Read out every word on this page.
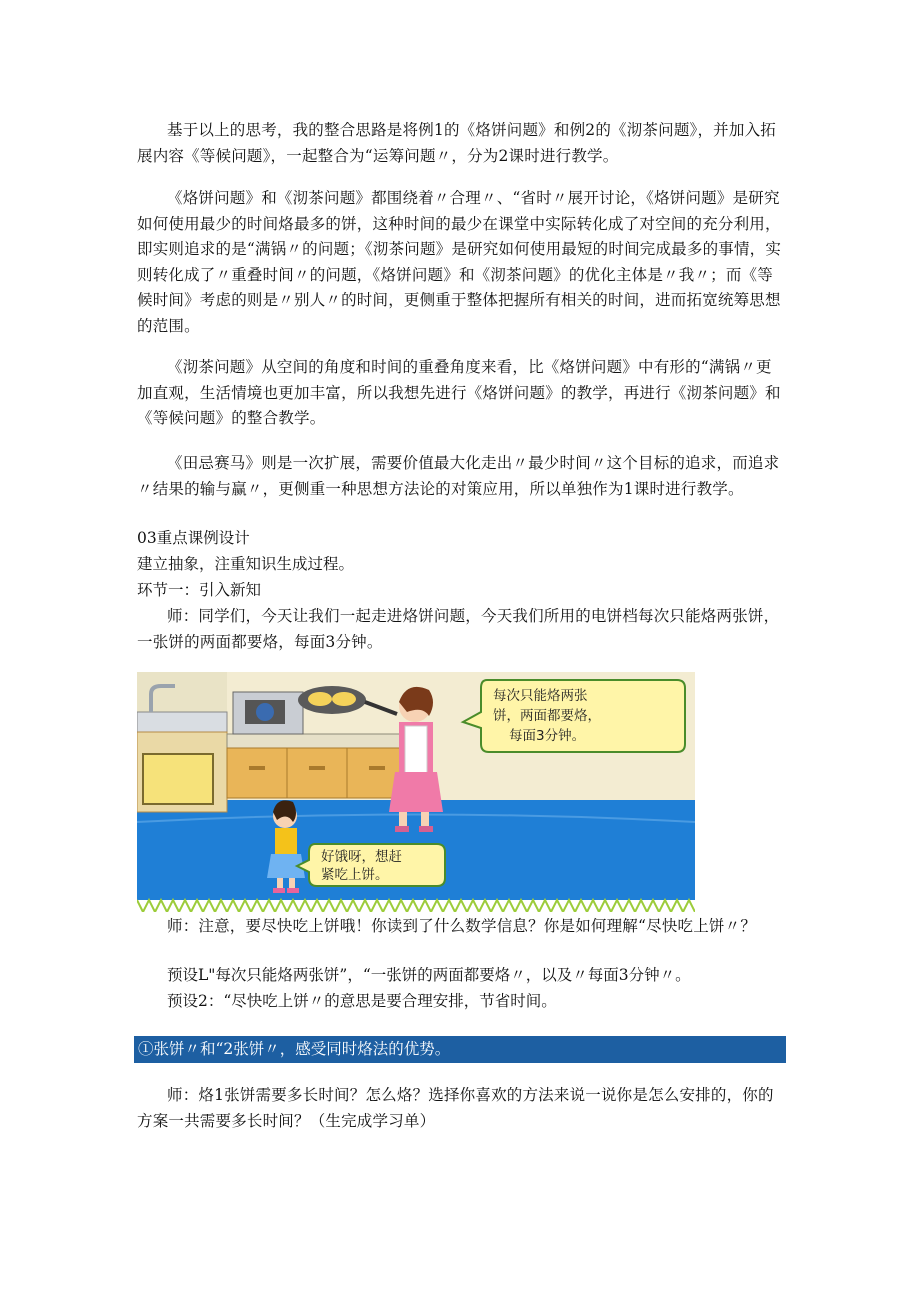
基于以上的思考，我的整合思路是将例1的《烙饼问题》和例2的《沏茶问题》，并加入拓展内容《等候问题》，一起整合为“运筹问题〃，分为2课时进行教学。

《烙饼问题》和《沏茶问题》都围绕着〃合理〃、“省时〃展开讨论，《烙饼问题》是研究如何使用最少的时间烙最多的饼，这种时间的最少在课堂中实际转化成了对空间的充分利用，即实则追求的是“满锅〃的问题；《沏茶问题》是研究如何使用最短的时间完成最多的事情，实则转化成了〃重叠时间〃的问题，《烙饼问题》和《沏茶问题》的优化主体是〃我〃；而《等候时间》考虑的则是〃别人〃的时间，更侧重于整体把握所有相关的时间，进而拓宽统筹思想的范围。

《沏茶问题》从空间的角度和时间的重叠角度来看，比《烙饼问题》中有形的“满锅〃更加直观，生活情境也更加丰富，所以我想先进行《烙饼问题》的教学，再进行《沏茶问题》和《等候问题》的整合教学。

《田忌赛马》则是一次扩展，需要价值最大化走出〃最少时间〃这个目标的追求，而追求〃结果的输与赢〃，更侧重一种思想方法论的对策应用，所以单独作为1课时进行教学。

03重点课例设计

建立抽象，注重知识生成过程。

环节一：引入新知

师：同学们，今天让我们一起走进烙饼问题，今天我们所用的电饼档每次只能烙两张饼，一张饼的两面都要烙，每面3分钟。

每次只能烙两张
饼，两面都要烙，
每面3分钟。
好饿呀，想赶
紧吃上饼。

师：注意，要尽快吃上饼哦！你读到了什么数学信息？你是如何理解“尽快吃上饼〃？

预设L"每次只能烙两张饼”，“一张饼的两面都要烙〃，以及〃每面3分钟〃。

预设2：“尽快吃上饼〃的意思是要合理安排，节省时间。

①张饼〃和“2张饼〃，感受同时烙法的优势。

师：烙1张饼需要多长时间？怎么烙？选择你喜欢的方法来说一说你是怎么安排的，你的方案一共需要多长时间？（生完成学习单）
